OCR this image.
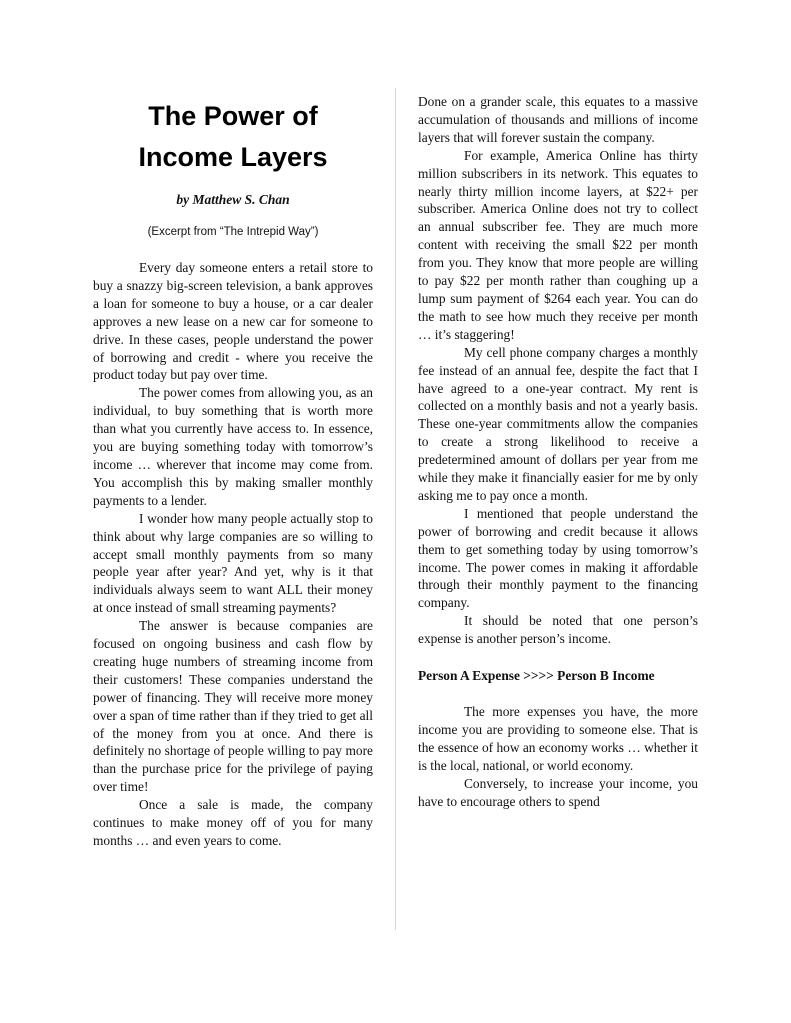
The Power of
Income Layers
by Matthew S. Chan
(Excerpt from “The Intrepid Way”)

Every day someone enters a retail store to buy a snazzy big-screen television, a bank approves a loan for someone to buy a house, or a car dealer approves a new lease on a new car for someone to drive. In these cases, people understand the power of borrowing and credit - where you receive the product today but pay over time.

The power comes from allowing you, as an individual, to buy something that is worth more than what you currently have access to. In essence, you are buying something today with tomorrow’s income … wherever that income may come from. You accomplish this by making smaller monthly payments to a lender.

I wonder how many people actually stop to think about why large companies are so willing to accept small monthly payments from so many people year after year? And yet, why is it that individuals always seem to want ALL their money at once instead of small streaming payments?

The answer is because companies are focused on ongoing business and cash flow by creating huge numbers of streaming income from their customers! These companies understand the power of financing. They will receive more money over a span of time rather than if they tried to get all of the money from you at once. And there is definitely no shortage of people willing to pay more than the purchase price for the privilege of paying over time!

Once a sale is made, the company continues to make money off of you for many months … and even years to come.

Done on a grander scale, this equates to a massive accumulation of thousands and millions of income layers that will forever sustain the company.

For example, America Online has thirty million subscribers in its network. This equates to nearly thirty million income layers, at $22+ per subscriber. America Online does not try to collect an annual subscriber fee. They are much more content with receiving the small $22 per month from you. They know that more people are willing to pay $22 per month rather than coughing up a lump sum payment of $264 each year. You can do the math to see how much they receive per month … it’s staggering!

My cell phone company charges a monthly fee instead of an annual fee, despite the fact that I have agreed to a one-year contract. My rent is collected on a monthly basis and not a yearly basis. These one-year commitments allow the companies to create a strong likelihood to receive a predetermined amount of dollars per year from me while they make it financially easier for me by only asking me to pay once a month.

I mentioned that people understand the power of borrowing and credit because it allows them to get something today by using tomorrow’s income. The power comes in making it affordable through their monthly payment to the financing company.

It should be noted that one person’s expense is another person’s income.

Person A Expense >>>> Person B Income

The more expenses you have, the more income you are providing to someone else. That is the essence of how an economy works … whether it is the local, national, or world economy.

Conversely, to increase your income, you have to encourage others to spend
